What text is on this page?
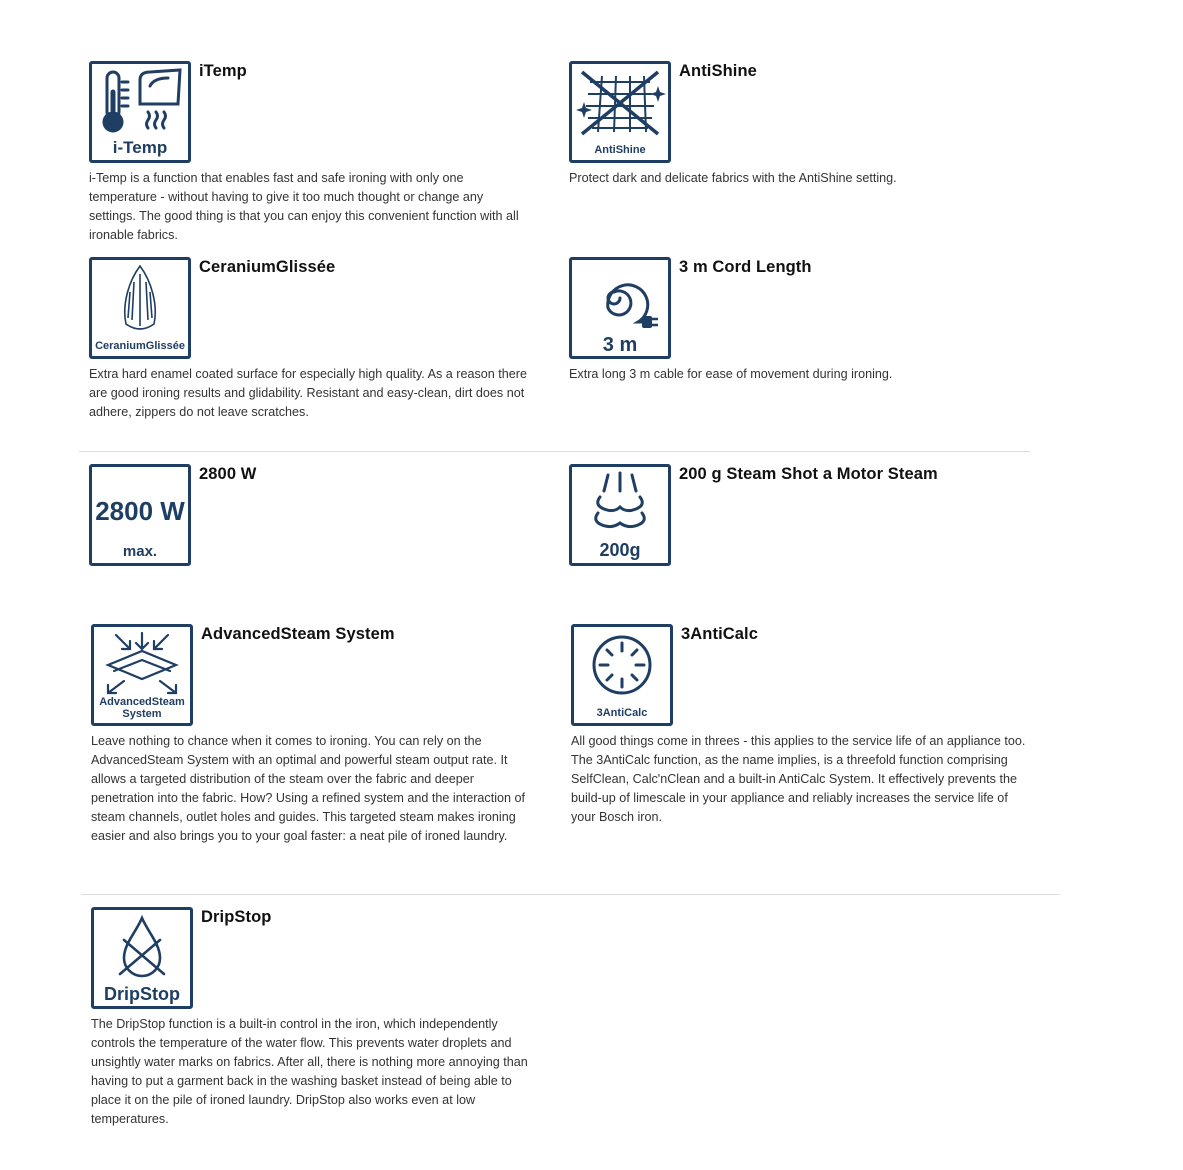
i-Temp
iTemp

i-Temp is a function that enables fast and safe ironing with only one temperature - without having to give it too much thought or change any settings. The good thing is that you can enjoy this convenient function with all ironable fabrics.

AntiShine
AntiShine

Protect dark and delicate fabrics with the AntiShine setting.

CeraniumGlissée
CeraniumGlissée

Extra hard enamel coated surface for especially high quality. As a reason there are good ironing results and glidability. Resistant and easy-clean, dirt does not adhere, zippers do not leave scratches.

3 m
3 m Cord Length

Extra long 3 m cable for ease of movement during ironing.

2800 W
max.
2800 W
200g
200 g Steam Shot a Motor Steam
AdvancedSteam
System
AdvancedSteam System

Leave nothing to chance when it comes to ironing. You can rely on the AdvancedSteam System with an optimal and powerful steam output rate. It allows a targeted distribution of the steam over the fabric and deeper penetration into the fabric. How? Using a refined system and the interaction of steam channels, outlet holes and guides. This targeted steam makes ironing easier and also brings you to your goal faster: a neat pile of ironed laundry.

3AntiCalc
3AntiCalc

All good things come in threes - this applies to the service life of an appliance too. The 3AntiCalc function, as the name implies, is a threefold function comprising SelfClean, Calc'nClean and a built-in AntiCalc System. It effectively prevents the build-up of limescale in your appliance and reliably increases the service life of your Bosch iron.

DripStop
DripStop

The DripStop function is a built-in control in the iron, which independently controls the temperature of the water flow. This prevents water droplets and unsightly water marks on fabrics. After all, there is nothing more annoying than having to put a garment back in the washing basket instead of being able to place it on the pile of ironed laundry. DripStop also works even at low temperatures.
